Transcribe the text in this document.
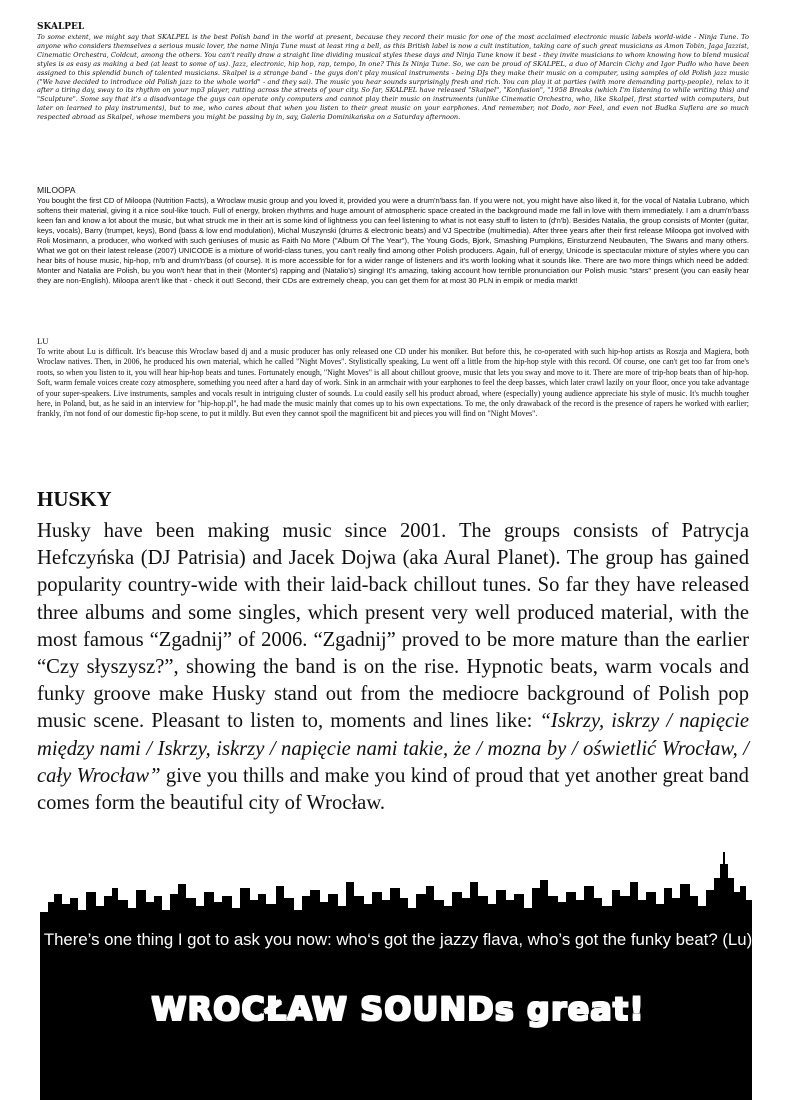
SKALPEL

To some extent, we might say that SKALPEL is the best Polish band in the world at present, because they record their music for one of the most acclaimed electronic music labels world-wide - Ninja Tune. To anyone who considers themselves a serious music lover, the name Ninja Tune must at least ring a bell, as this British label is now a cult institution, taking care of such great musicians as Amon Tobin, Jaga Jazzist, Cinematic Orchestra, Coldcut, among the others. You can't really draw a straight line dividing musical styles these days and Ninja Tune know it best - they invite musicians to whom knowing how to blend musical styles is as easy as making a bed (at least to some of us). Jazz, electronic, hip hop, rap, tempo, In one? This Is Ninja Tune. So, we can be proud of SKALPEL, a duo of Marcin Cichy and Igor Pudło who have been assigned to this splendid bunch of talented musicians. Skalpel is a strange band - the guys don't play musical instruments - being DJs they make their music on a computer, using samples of old Polish jazz music ("We have decided to introduce old Polish jazz to the whole world" - and they sai). The music you hear sounds surprisingly fresh and rich. You can play it at parties (with more demanding party-people), relax to it after a tiring day, sway to its rhythm on your mp3 player, rutting across the streets of your city. So far, SKALPEL have released "Skalpel", "Konfusion", "1958 Breaks (which I'm listening to while writing this) and "Sculpture". Some say that it's a disadvantage the guys can operate only computers and cannot play their music on instruments (unlike Cinematic Orchestra, who, like Skalpel, first started with computers, but later on learned to play instruments), but to me, who cares about that when you listen to their great music on your earphones. And remember, not Dodo, nor Feel, and even not Budka Suflera are so much respected abroad as Skalpel, whose members you might be passing by in, say, Galeria Dominikańska on a Saturday afternoon.

MILOOPA

You bought the first CD of Miloopa (Nutrition Facts), a Wroclaw music group and you loved it, provided you were a drum'n'bass fan. If you were not, you might have also liked it, for the vocal of Natalia Lubrano, which softens their material, giving it a nice soul-like touch. Full of energy, broken rhythms and huge amount of atmospheric space created in the background made me fall in love with them immediately. I am a drum'n'bass keen fan and know a lot about the music, but what struck me in their art is some kind of lightness you can feel listening to what is not easy stuff to listen to (d'n'b). Besides Natalia, the group consists of Monter (guitar, keys, vocals), Barry (trumpet, keys), Bond (bass & low end modulation), Michal Muszynski (drums & electronic beats) and VJ Spectribe (multimedia). After three years after their first release Miloopa got involved with Roli Mosimann, a producer, who worked with such geniuses of music as Faith No More ("Album Of The Year"), The Young Gods, Bjork, Smashing Pumpkins, Einsturzend Neubauten, The Swans and many others. What we got on their latest release (2007) UNICODE is a mixture of world-class tunes, you can't really find among other Polish producers. Again, full of energy, Unicode is spectacular mixture of styles where you can hear bits of house music, hip-hop, rn'b and drum'n'bass (of course). It is more accessible for for a wider range of listeners and it's worth looking what it sounds like. There are two more things which need be added: Monter and Natalia are Polish, bu you won't hear that in their (Monter's) rapping and (Natalio's) singing! It's amazing, taking account how terrible pronunciation our Polish music "stars" present (you can easily hear they are non-English). Miloopa aren't like that - check it out! Second, their CDs are extremely cheap, you can get them for at most 30 PLN in empik or media markt!

LU

To write about Lu is difficult. It's beacuse this Wroclaw based dj and a music producer has only released one CD under his moniker. But before this, he co-operated with such hip-hop artists as Roszja and Magiera, both Wroclaw natives. Then, in 2006, he produced his own material, which he called "Night Moves". Stylistically speaking, Lu went off a little from the hip-hop style with this record. Of course, one can't get too far from one's roots, so when you listen to it, you will hear hip-hop beats and tunes. Fortunately enough, "Night Moves" is all about chillout groove, music that lets you sway and move to it. There are more of trip-hop beats than of hip-hop. Soft, warm female voices create cozy atmosphere, something you need after a hard day of work. Sink in an armchair with your earphones to feel the deep basses, which later crawl lazily on your floor, once you take advantage of your super-speakers. Live instruments, samples and vocals result in intriguing cluster of sounds. Lu could easily sell his product abroad, where (especially) young audience appreciate his style of music. It's muchh tougher here, in Poland, but, as he said in an interview for "hip-hop.pl", he had made the music mainly that comes up to his own expectations. To me, the only drawaback of the record is the presence of rapers he worked with earlier; frankly, i'm not fond of our domestic fip-hop scene, to put it mildly. But even they cannot spoil the magnificent bit and pieces you will find on "Night Moves".

HUSKY

Husky have been making music since 2001. The groups consists of Patrycja Hefczyńska (DJ Patrisia) and Jacek Dojwa (aka Aural Planet). The group has gained popularity country-wide with their laid-back chillout tunes. So far they have released three albums and some singles, which present very well produced material, with the most famous “Zgadnij” of 2006. “Zgadnij” proved to be more mature than the earlier “Czy słyszysz?”, showing the band is on the rise. Hypnotic beats, warm vocals and funky groove make Husky stand out from the mediocre background of Polish pop music scene. Pleasant to listen to, moments and lines like: “Iskrzy, iskrzy / napięcie między nami / Iskrzy, iskrzy / napięcie nami takie, że / mozna by / oświetlić Wrocław, / cały Wrocław” give you thills and make you kind of proud that yet another great band comes form the beautiful city of Wrocław.

There’s one thing I got to ask you now: who‘s got the jazzy flava, who’s got the funky beat? (Lu)

WROCŁAW SOUNDs great!
